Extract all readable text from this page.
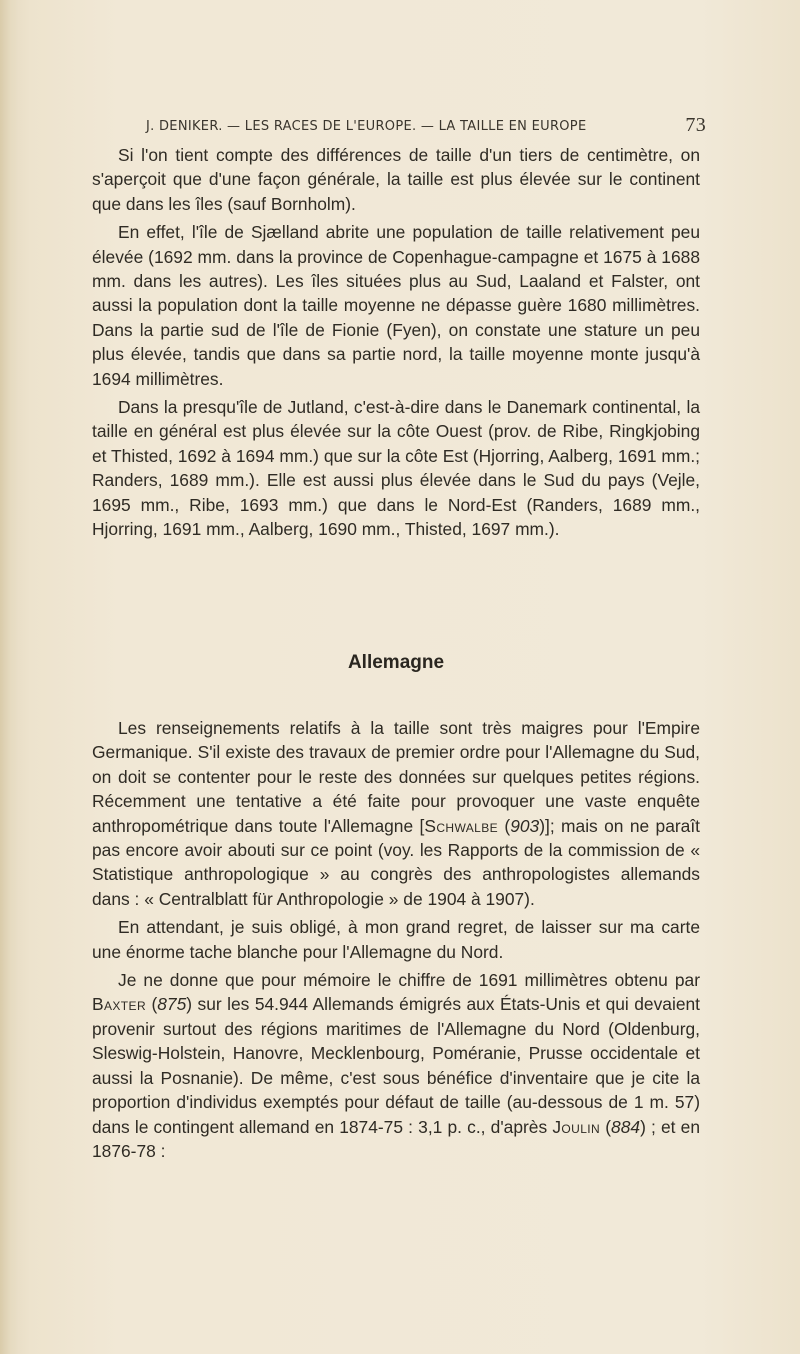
J. DENIKER. — LES RACES DE L'EUROPE. — LA TAILLE EN EUROPE	73

Si l'on tient compte des différences de taille d'un tiers de centimètre, on s'aperçoit que d'une façon générale, la taille est plus élevée sur le continent que dans les îles (sauf Bornholm).

En effet, l'île de Sjælland abrite une population de taille relativement peu élevée (1692 mm. dans la province de Copenhague-campagne et 1675 à 1688 mm. dans les autres). Les îles situées plus au Sud, Laaland et Falster, ont aussi la population dont la taille moyenne ne dépasse guère 1680 millimètres. Dans la partie sud de l'île de Fionie (Fyen), on constate une stature un peu plus élevée, tandis que dans sa partie nord, la taille moyenne monte jusqu'à 1694 millimètres.

Dans la presqu'île de Jutland, c'est-à-dire dans le Danemark continental, la taille en général est plus élevée sur la côte Ouest (prov. de Ribe, Ringkjobing et Thisted, 1692 à 1694 mm.) que sur la côte Est (Hjorring, Aalberg, 1691 mm.; Randers, 1689 mm.). Elle est aussi plus élevée dans le Sud du pays (Vejle, 1695 mm., Ribe, 1693 mm.) que dans le Nord-Est (Randers, 1689 mm., Hjorring, 1691 mm., Aalberg, 1690 mm., Thisted, 1697 mm.).

Allemagne

Les renseignements relatifs à la taille sont très maigres pour l'Empire Germanique. S'il existe des travaux de premier ordre pour l'Allemagne du Sud, on doit se contenter pour le reste des données sur quelques petites régions. Récemment une tentative a été faite pour provoquer une vaste enquête anthropométrique dans toute l'Allemagne [Schwalbe (903)]; mais on ne paraît pas encore avoir abouti sur ce point (voy. les Rapports de la commission de « Statistique anthropologique » au congrès des anthropologistes allemands dans : « Centralblatt für Anthropologie » de 1904 à 1907).

En attendant, je suis obligé, à mon grand regret, de laisser sur ma carte une énorme tache blanche pour l'Allemagne du Nord.

Je ne donne que pour mémoire le chiffre de 1691 millimètres obtenu par Baxter (875) sur les 54.944 Allemands émigrés aux États-Unis et qui devaient provenir surtout des régions maritimes de l'Allemagne du Nord (Oldenburg, Sleswig-Holstein, Hanovre, Mecklenbourg, Poméranie, Prusse occidentale et aussi la Posnanie). De même, c'est sous bénéfice d'inventaire que je cite la proportion d'individus exemptés pour défaut de taille (au-dessous de 1 m. 57) dans le contingent allemand en 1874-75 : 3,1 p. c., d'après Joulin (884) ; et en 1876-78 :
